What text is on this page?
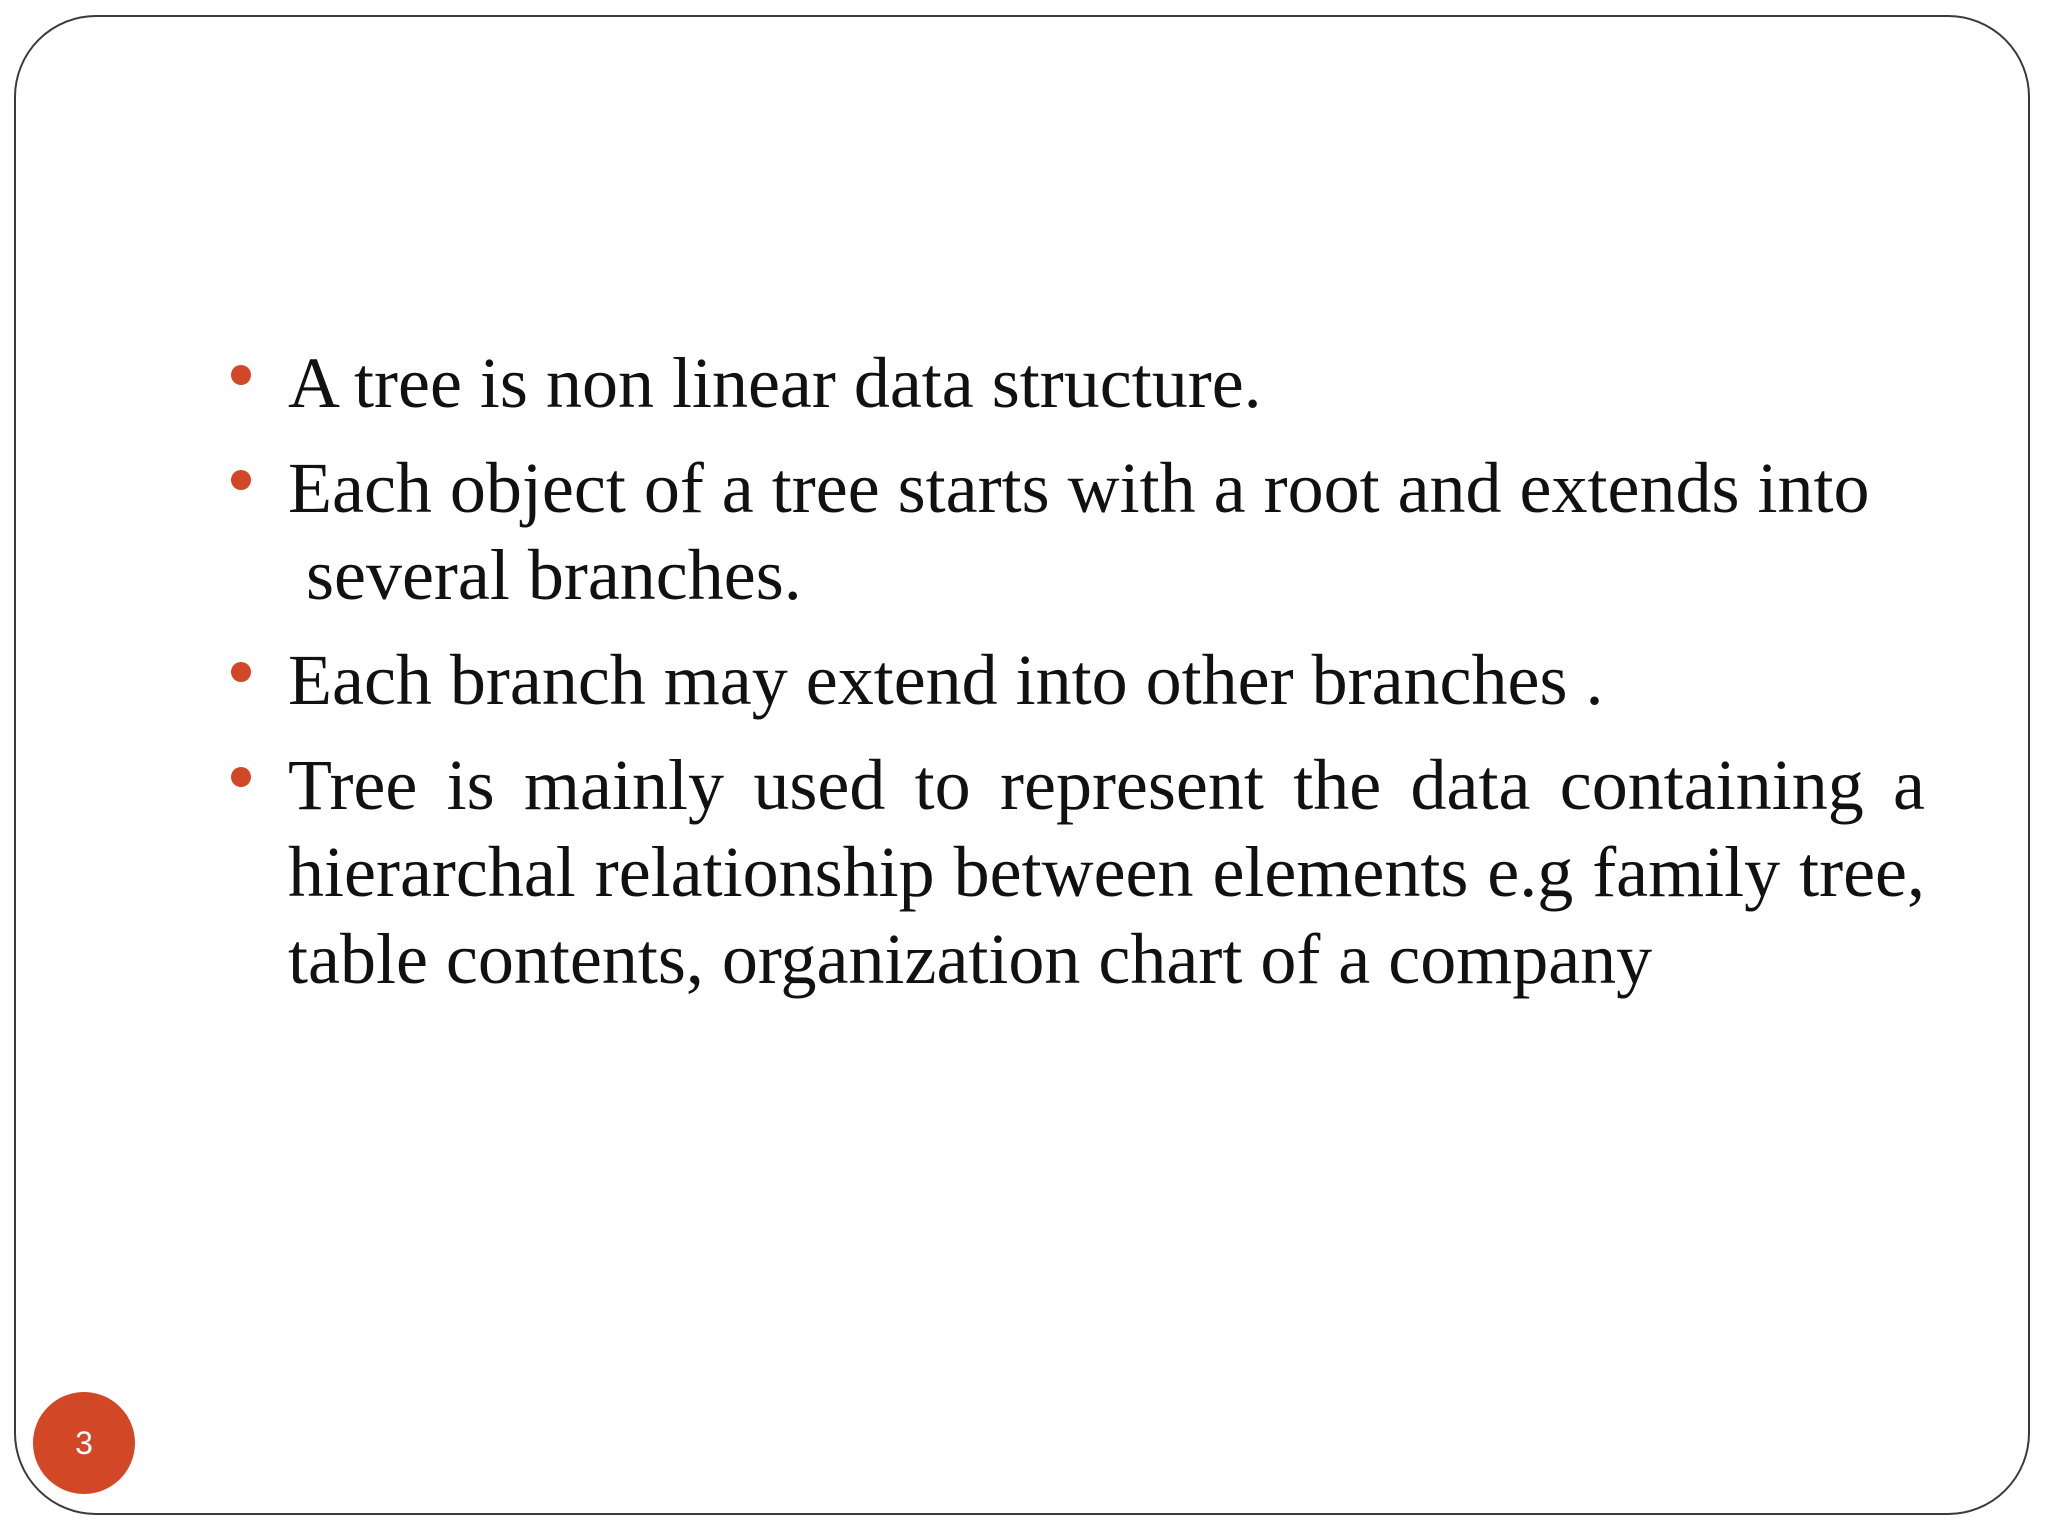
A tree is non linear data structure.
Each object of a tree starts with a root and extends into
several branches.
Each branch may extend into other branches .
Tree is mainly used to represent the data containing a hierarchal relationship between elements e.g family tree, table contents, organization chart of a company
3
